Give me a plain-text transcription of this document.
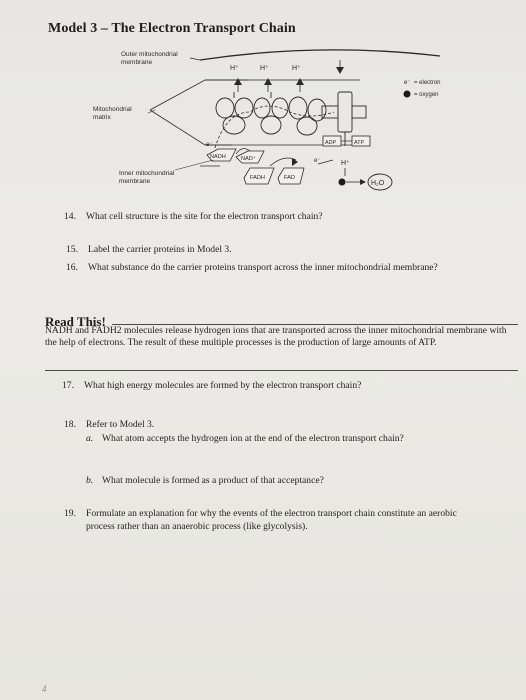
Model 3 – The Electron Transport Chain
Outer mitochondrial
membrane
Mitochondrial
matrix
Inner mitochondrial
membrane
H⁺	H⁺	H⁺
H⁺
e⁻
e⁻
NADH	NAD⁺
FADH	FAD
ADP	ATP
H₂O
e⁻ = electron
= oxygen
14. What cell structure is the site for the electron transport chain?
15. Label the carrier proteins in Model 3.
16. What substance do the carrier proteins transport across the inner mitochondrial membrane?
Read This!
NADH and FADH2 molecules release hydrogen ions that are transported across the inner mitochondrial membrane with the help of electrons. The result of these multiple processes is the production of large amounts of ATP.
17. What high energy molecules are formed by the electron transport chain?
18. Refer to Model 3.
a. What atom accepts the hydrogen ion at the end of the electron transport chain?
b. What molecule is formed as a product of that acceptance?
19. Formulate an explanation for why the events of the electron transport chain constitute an aerobic
process rather than an anaerobic process (like glycolysis).
4
